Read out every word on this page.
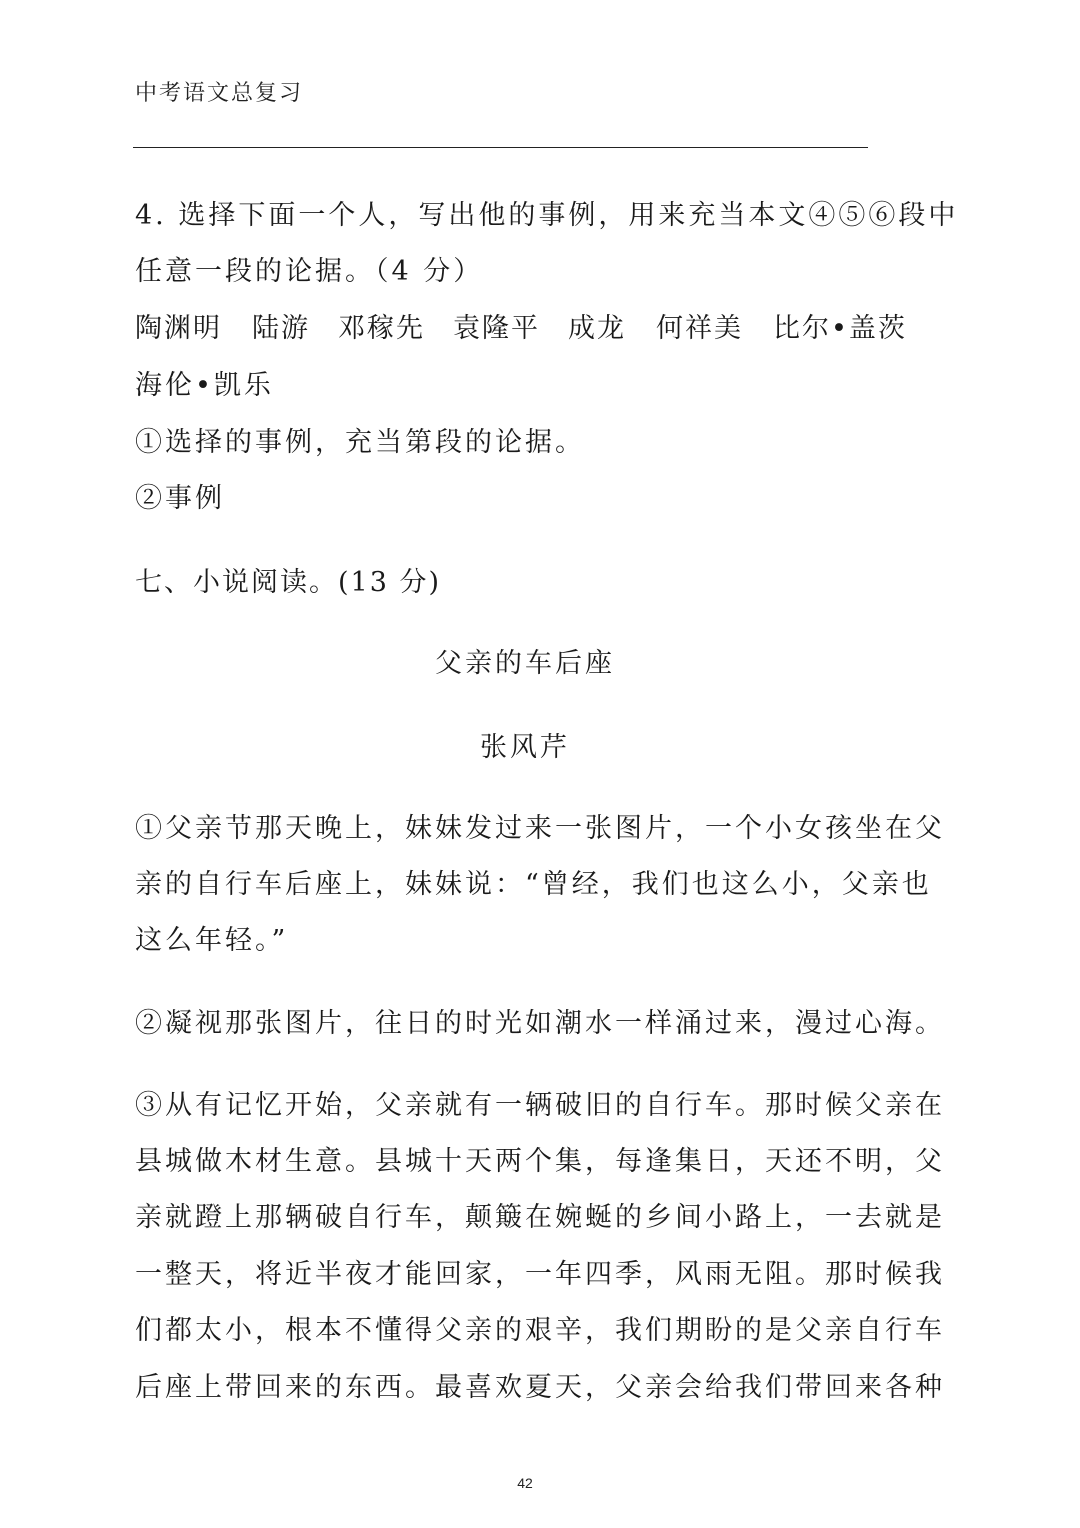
中考语文总复习
4. 选择下面一个人，写出他的事例，用来充当本文④⑤⑥段中
任意一段的论据。（4 分）
陶渊明 陆游 邓稼先 袁隆平 成龙 何祥美 比尔•盖茨
海伦•凯乐
①选择的事例，充当第段的论据。
②事例
七、小说阅读。(13 分)
父亲的车后座
张风芹
①父亲节那天晚上，妹妹发过来一张图片，一个小女孩坐在父
亲的自行车后座上，妹妹说：“曾经，我们也这么小，父亲也
这么年轻。”
②凝视那张图片，往日的时光如潮水一样涌过来，漫过心海。
③从有记忆开始，父亲就有一辆破旧的自行车。那时候父亲在
县城做木材生意。县城十天两个集，每逢集日，天还不明，父
亲就蹬上那辆破自行车，颠簸在婉蜒的乡间小路上，一去就是
一整天，将近半夜才能回家，一年四季，风雨无阻。那时候我
们都太小，根本不懂得父亲的艰辛，我们期盼的是父亲自行车
后座上带回来的东西。最喜欢夏天，父亲会给我们带回来各种
42
